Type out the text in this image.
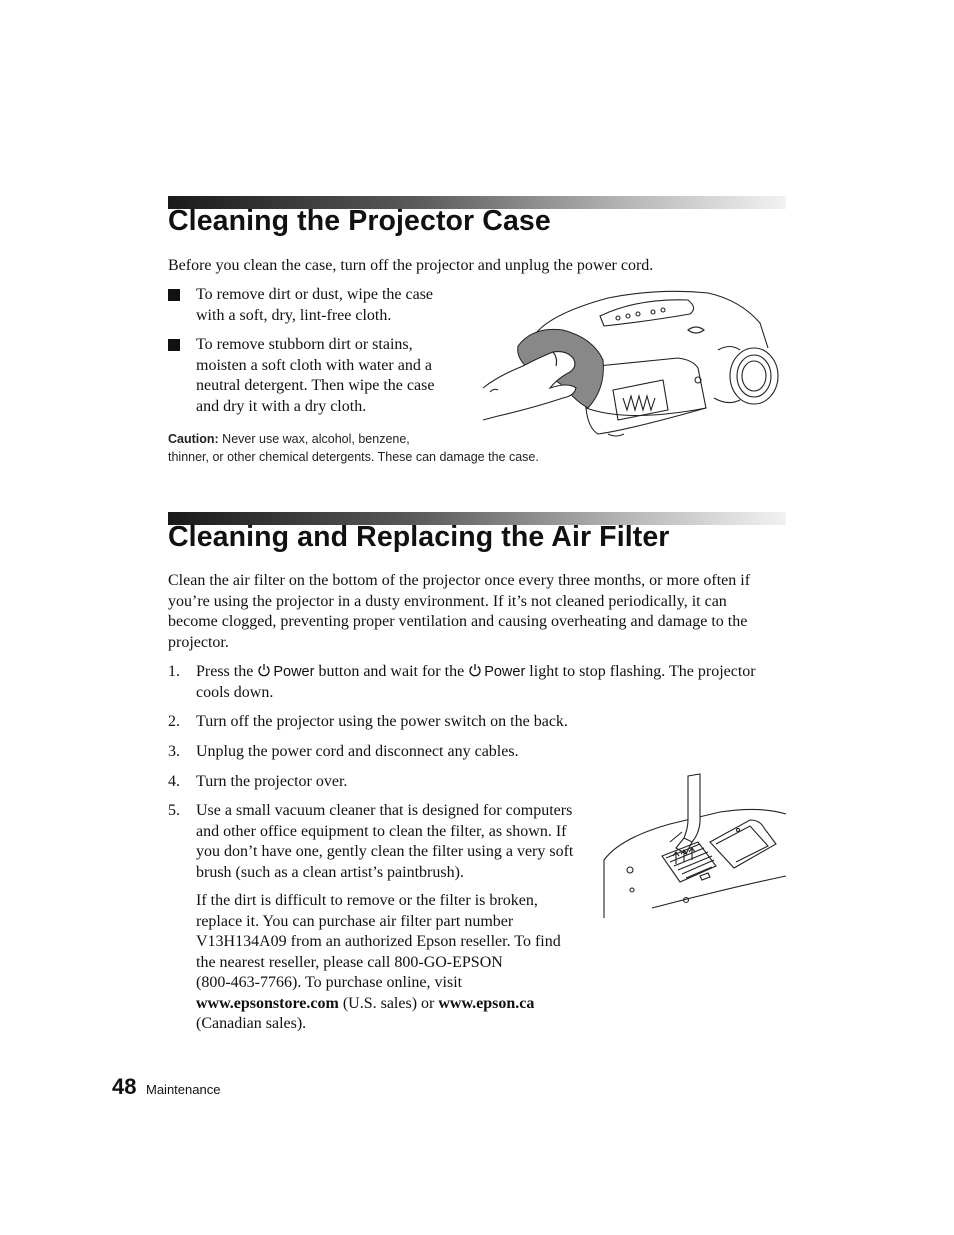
Cleaning the Projector Case

Before you clean the case, turn off the projector and unplug the power cord.

To remove dirt or dust, wipe the case
with a soft, dry, lint-free cloth.

To remove stubborn dirt or stains,
moisten a soft cloth with water and a
neutral detergent. Then wipe the case
and dry it with a dry cloth.

Caution: Never use wax, alcohol, benzene,
thinner, or other chemical detergents. These can damage the case.
Cleaning and Replacing the Air Filter

Clean the air filter on the bottom of the projector once every three months, or more often if
you’re using the projector in a dusty environment. If it’s not cleaned periodically, it can
become clogged, preventing proper ventilation and causing overheating and damage to the
projector.

1. Press the Power button and wait for the Power light to stop flashing. The projector
cools down.
2. Turn off the projector using the power switch on the back.
3. Unplug the power cord and disconnect any cables.
4. Turn the projector over.
5. Use a small vacuum cleaner that is designed for computers
and other office equipment to clean the filter, as shown. If
you don’t have one, gently clean the filter using a very soft
brush (such as a clean artist’s paintbrush).
If the dirt is difficult to remove or the filter is broken,
replace it. You can purchase air filter part number
V13H134A09 from an authorized Epson reseller. To find
the nearest reseller, please call 800-GO-EPSON
(800-463-7766). To purchase online, visit
www.epsonstore.com (U.S. sales) or www.epson.ca
(Canadian sales).
48 Maintenance
